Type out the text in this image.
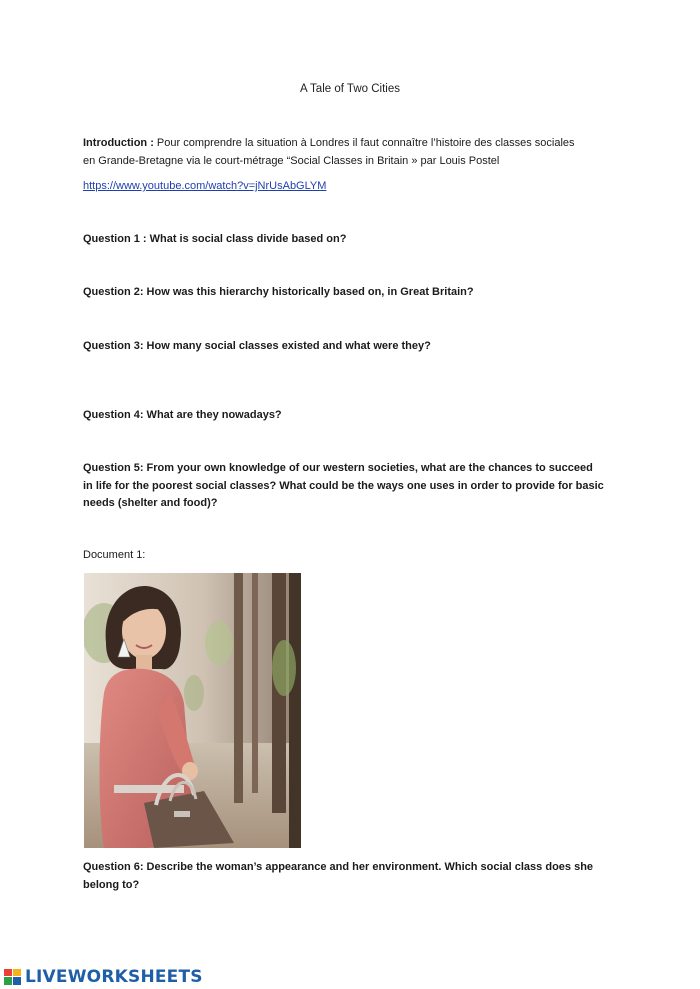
A Tale of Two Cities
Introduction : Pour comprendre la situation à Londres il faut connaître l’histoire des classes sociales
en Grande-Bretagne via le court-métrage “Social Classes in Britain » par Louis Postel
https://www.youtube.com/watch?v=jNrUsAbGLYM
Question 1 : What is social class divide based on?
Question 2: How was this hierarchy historically based on, in Great Britain?
Question 3: How many social classes existed and what were they?
Question 4: What are they nowadays?
Question 5: From your own knowledge of our western societies, what are the chances to succeed
in life for the poorest social classes? What could be the ways one uses in order to provide for basic
needs (shelter and food)?
Document 1:
Question 6: Describe the woman’s appearance and her environment. Which social class does she
belong to?
LIVEWORKSHEETS
